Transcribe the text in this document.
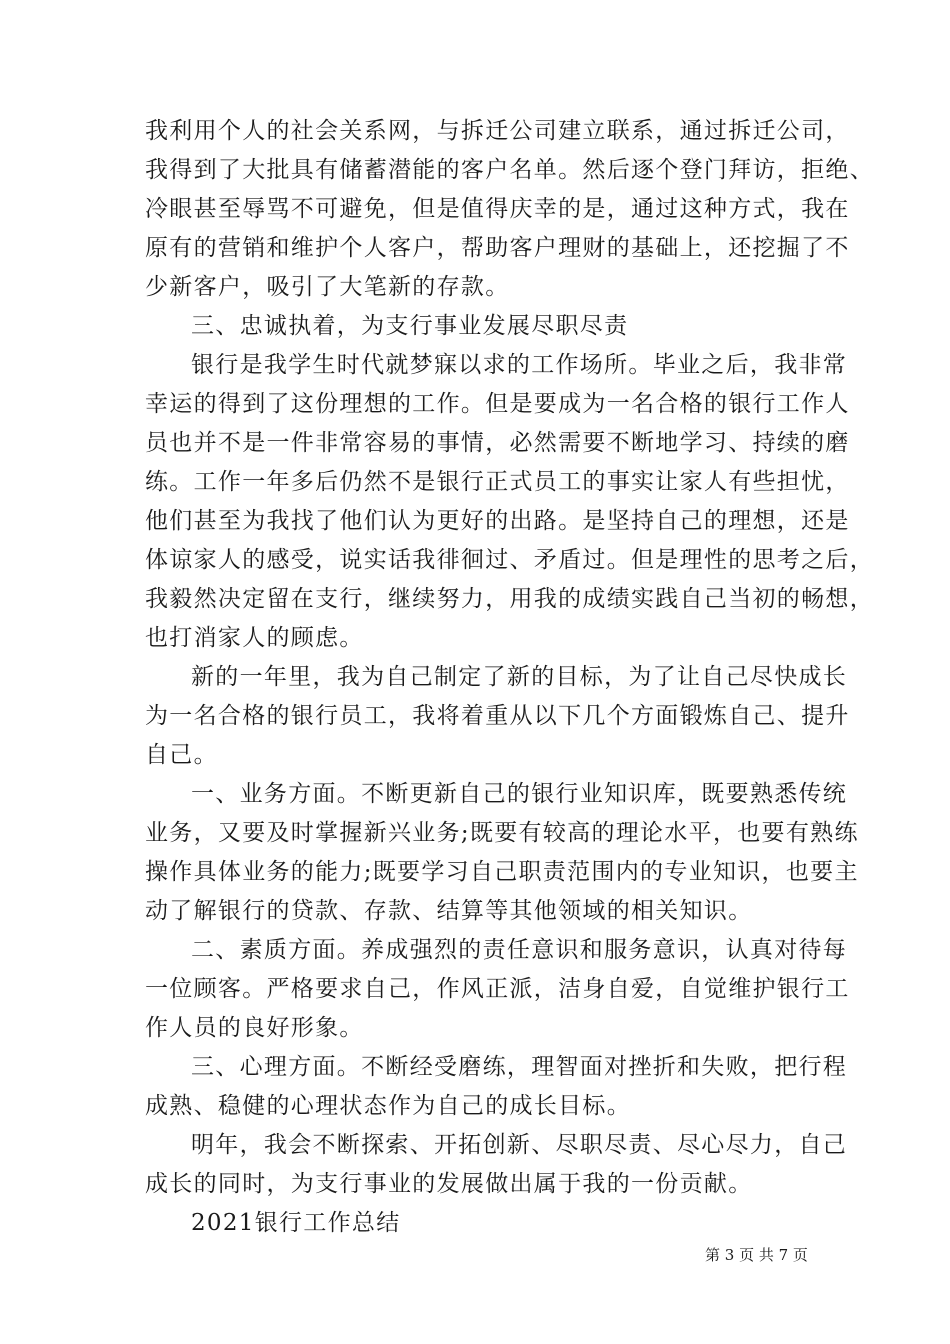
我利用个人的社会关系网，与拆迁公司建立联系，通过拆迁公司，

我得到了大批具有储蓄潜能的客户名单。然后逐个登门拜访，拒绝、

冷眼甚至辱骂不可避免，但是值得庆幸的是，通过这种方式，我在

原有的营销和维护个人客户，帮助客户理财的基础上，还挖掘了不

少新客户，吸引了大笔新的存款。

三、忠诚执着，为支行事业发展尽职尽责

银行是我学生时代就梦寐以求的工作场所。毕业之后，我非常

幸运的得到了这份理想的工作。但是要成为一名合格的银行工作人

员也并不是一件非常容易的事情，必然需要不断地学习、持续的磨

练。工作一年多后仍然不是银行正式员工的事实让家人有些担忧，

他们甚至为我找了他们认为更好的出路。是坚持自己的理想，还是

体谅家人的感受，说实话我徘徊过、矛盾过。但是理性的思考之后，

我毅然决定留在支行，继续努力，用我的成绩实践自己当初的畅想，

也打消家人的顾虑。

新的一年里，我为自己制定了新的目标，为了让自己尽快成长

为一名合格的银行员工，我将着重从以下几个方面锻炼自己、提升

自己。

一、业务方面。不断更新自己的银行业知识库，既要熟悉传统

业务，又要及时掌握新兴业务;既要有较高的理论水平，也要有熟练

操作具体业务的能力;既要学习自己职责范围内的专业知识，也要主

动了解银行的贷款、存款、结算等其他领域的相关知识。

二、素质方面。养成强烈的责任意识和服务意识，认真对待每

一位顾客。严格要求自己，作风正派，洁身自爱，自觉维护银行工

作人员的良好形象。

三、心理方面。不断经受磨练，理智面对挫折和失败，把行程

成熟、稳健的心理状态作为自己的成长目标。

明年，我会不断探索、开拓创新、尽职尽责、尽心尽力，自己

成长的同时，为支行事业的发展做出属于我的一份贡献。

2021银行工作总结

第 3 页 共 7 页
